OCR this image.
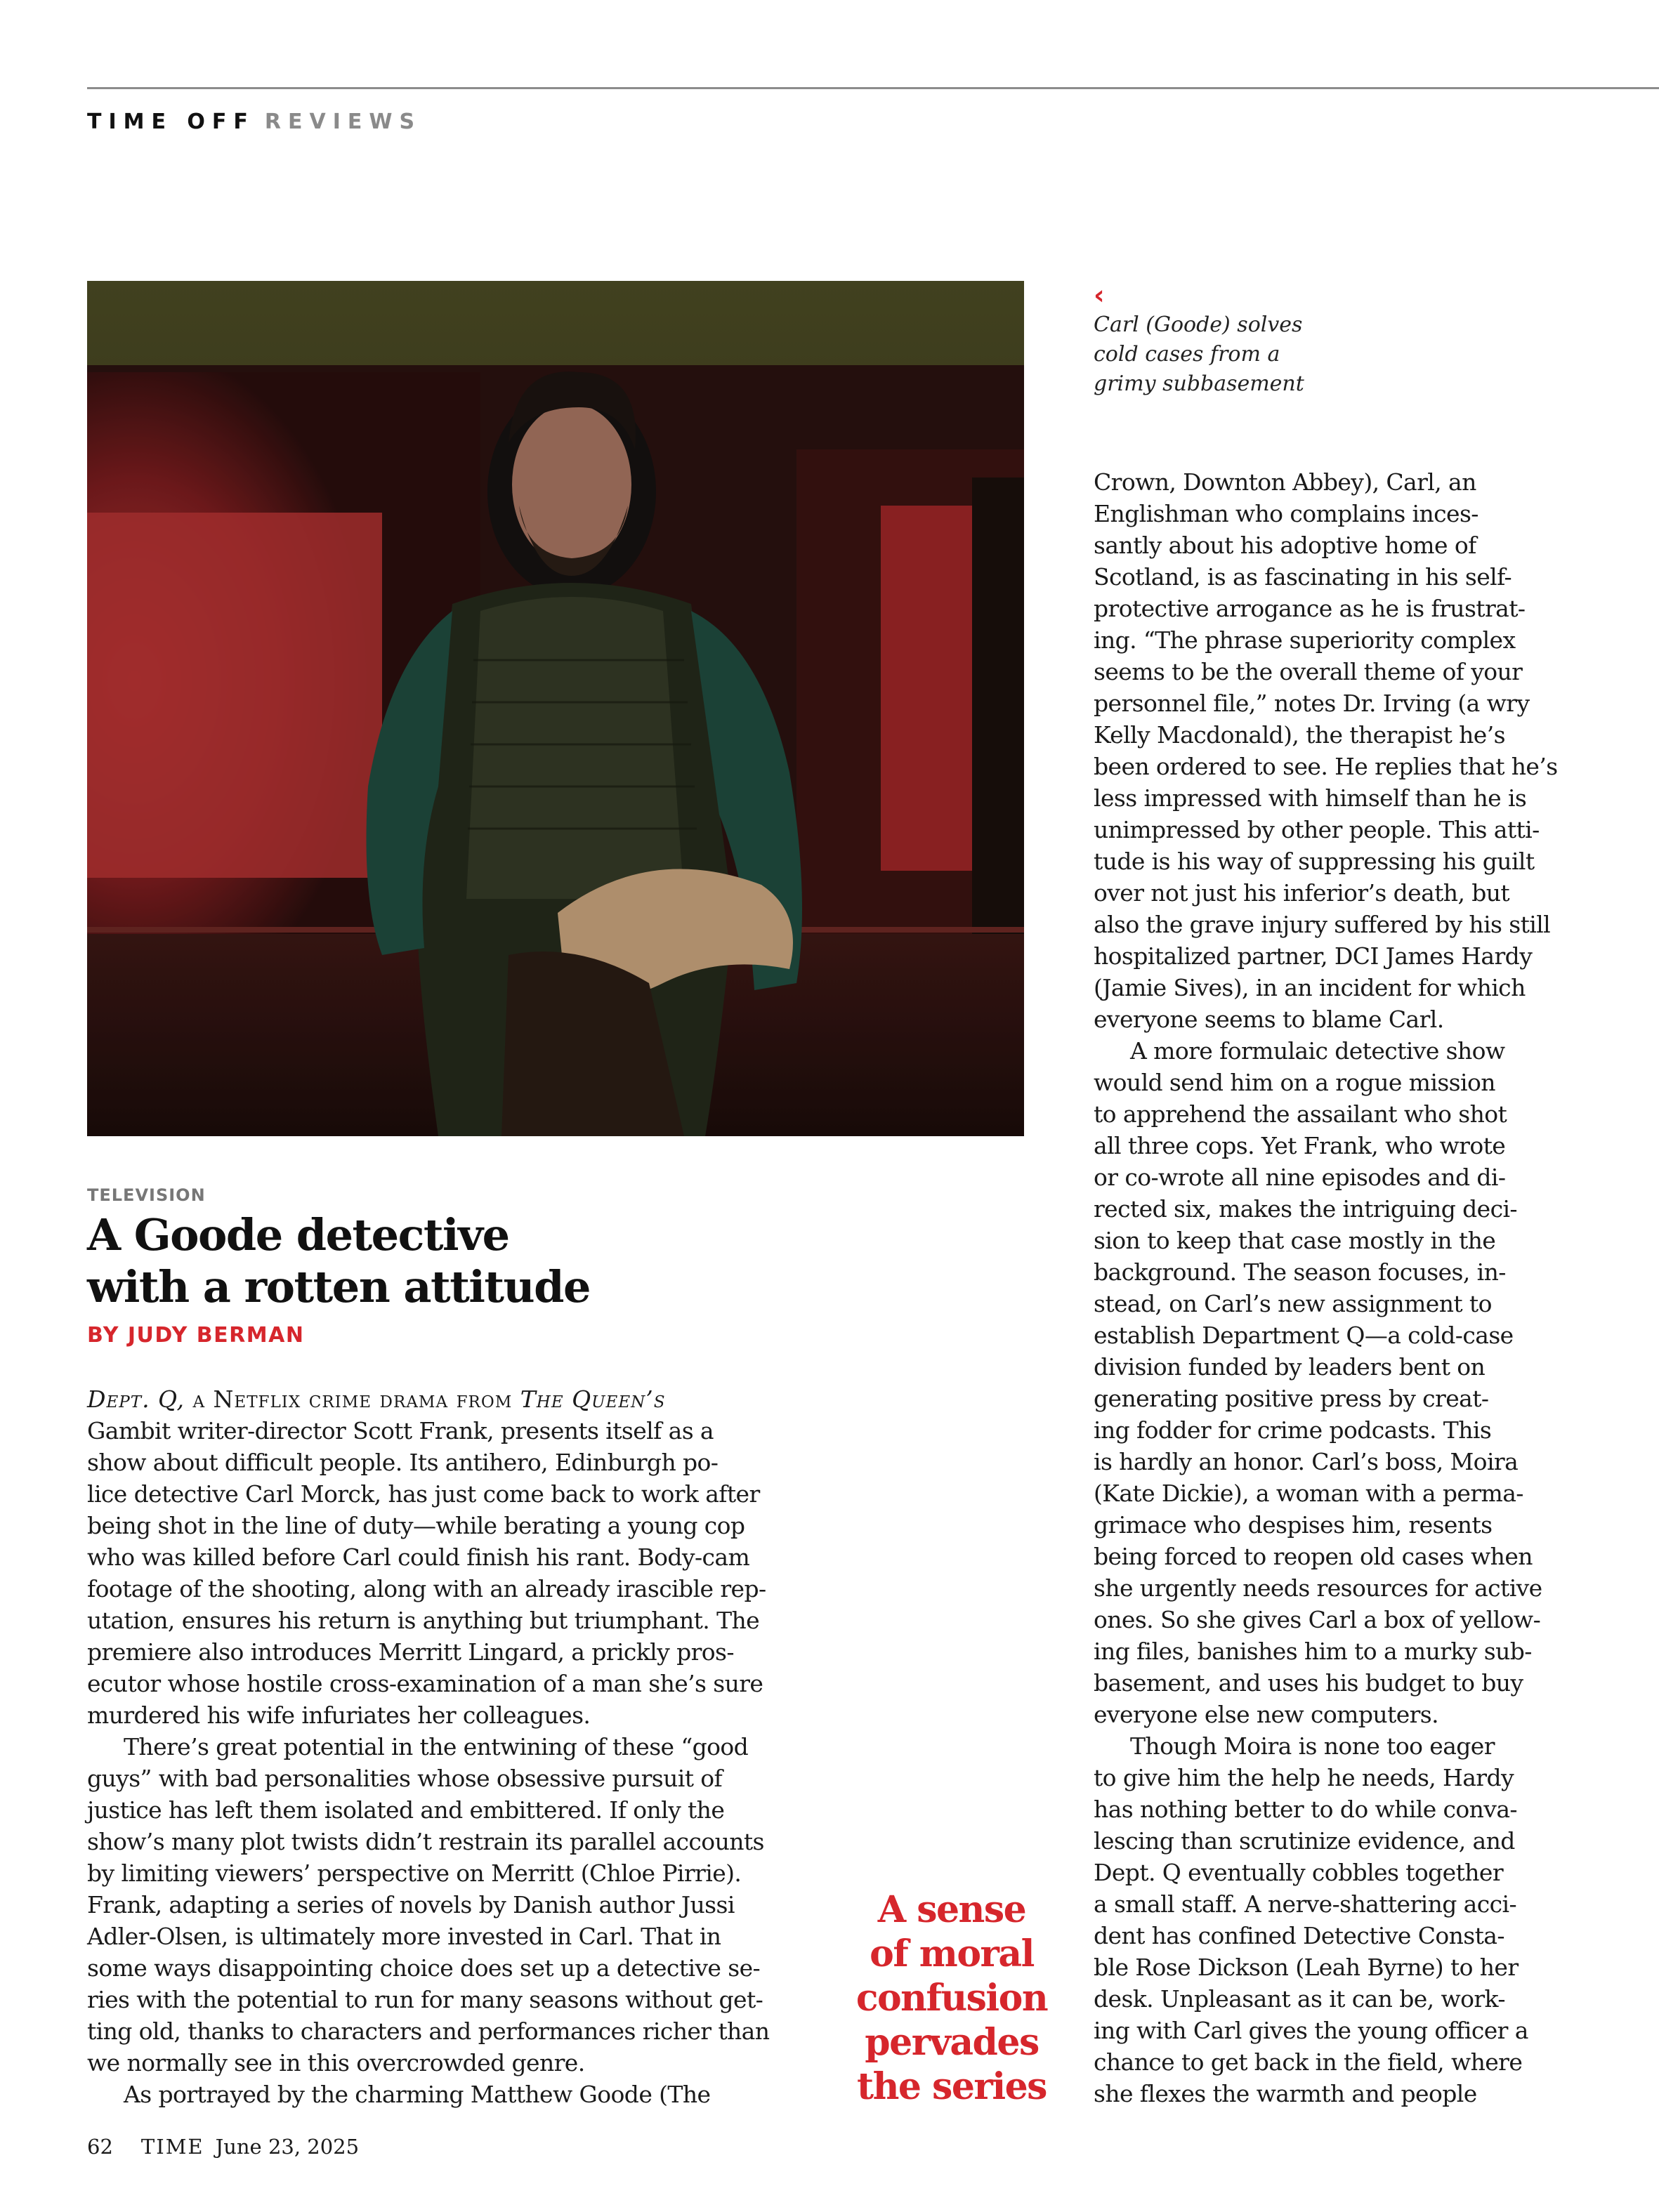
TIME OFF REVIEWS
‹
Carl (Goode) solves
cold cases from a
grimy subbasement
TELEVISION
A Goode detective
with a rotten attitude
BY JUDY BERMAN

Dept. Q, a Netflix crime drama from The Queen’s
Gambit writer-director Scott Frank, presents itself as a
show about difficult people. Its antihero, Edinburgh po-
lice detective Carl Morck, has just come back to work after
being shot in the line of duty—while berating a young cop
who was killed before Carl could finish his rant. Body-cam
footage of the shooting, along with an already irascible rep-
utation, ensures his return is anything but triumphant. The
premiere also introduces Merritt Lingard, a prickly pros-
ecutor whose hostile cross-examination of a man she’s sure
murdered his wife infuriates her colleagues.

There’s great potential in the entwining of these “good
guys” with bad personalities whose obsessive pursuit of
justice has left them isolated and embittered. If only the
show’s many plot twists didn’t restrain its parallel accounts
by limiting viewers’ perspective on Merritt (Chloe Pirrie).
Frank, adapting a series of novels by Danish author Jussi
Adler-Olsen, is ultimately more invested in Carl. That in
some ways disappointing choice does set up a detective se-
ries with the potential to run for many seasons without get-
ting old, thanks to characters and performances richer than
we normally see in this overcrowded genre.

As portrayed by the charming Matthew Goode (The

A sense
of moral
confusion
pervades
the series

Crown, Downton Abbey), Carl, an
Englishman who complains inces-
santly about his adoptive home of
Scotland, is as fascinating in his self-
protective arrogance as he is frustrat-
ing. “The phrase superiority complex
seems to be the overall theme of your
personnel file,” notes Dr. Irving (a wry
Kelly Macdonald), the therapist he’s
been ordered to see. He replies that he’s
less impressed with himself than he is
unimpressed by other people. This atti-
tude is his way of suppressing his guilt
over not just his inferior’s death, but
also the grave injury suffered by his still
hospitalized partner, DCI James Hardy
(Jamie Sives), in an incident for which
everyone seems to blame Carl.

A more formulaic detective show
would send him on a rogue mission
to apprehend the assailant who shot
all three cops. Yet Frank, who wrote
or co-wrote all nine episodes and di-
rected six, makes the intriguing deci-
sion to keep that case mostly in the
background. The season focuses, in-
stead, on Carl’s new assignment to
establish Department Q—a cold-case
division funded by leaders bent on
generating positive press by creat-
ing fodder for crime podcasts. This
is hardly an honor. Carl’s boss, Moira
(Kate Dickie), a woman with a perma-
grimace who despises him, resents
being forced to reopen old cases when
she urgently needs resources for active
ones. So she gives Carl a box of yellow-
ing files, banishes him to a murky sub-
basement, and uses his budget to buy
everyone else new computers.

Though Moira is none too eager
to give him the help he needs, Hardy
has nothing better to do while conva-
lescing than scrutinize evidence, and
Dept. Q eventually cobbles together
a small staff. A nerve-shattering acci-
dent has confined Detective Consta-
ble Rose Dickson (Leah Byrne) to her
desk. Unpleasant as it can be, work-
ing with Carl gives the young officer a
chance to get back in the field, where
she flexes the warmth and people

62 TIME June 23, 2025
